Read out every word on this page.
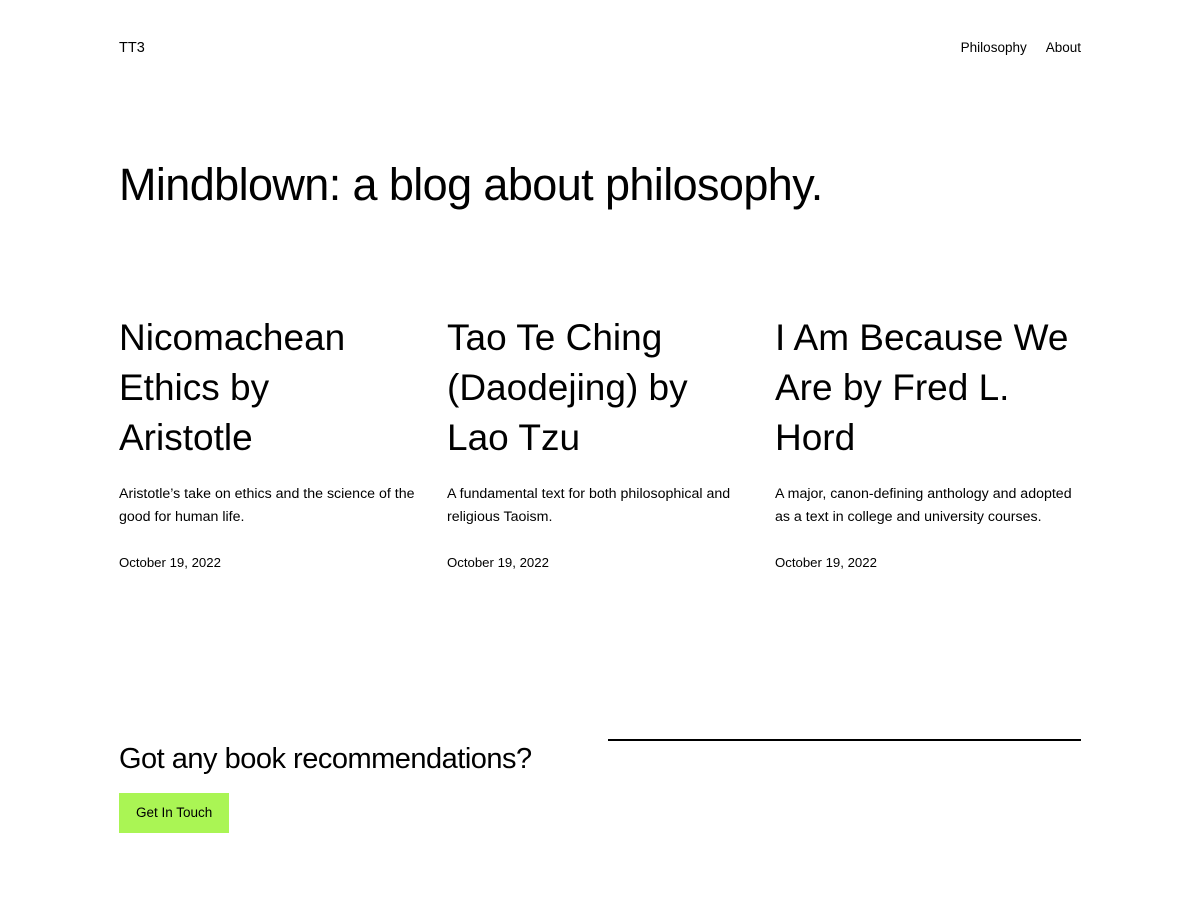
TT3	Philosophy About
Mindblown: a blog about philosophy.
Nicomachean Ethics by Aristotle

Aristotle’s take on ethics and the science of the good for human life.

October 19, 2022
Tao Te Ching (Daodejing) by Lao Tzu

A fundamental text for both philosophical and religious Taoism.

October 19, 2022
I Am Because We Are by Fred L. Hord

A major, canon-defining anthology and adopted as a text in college and university courses.

October 19, 2022
Got any book recommendations?
Get In Touch
